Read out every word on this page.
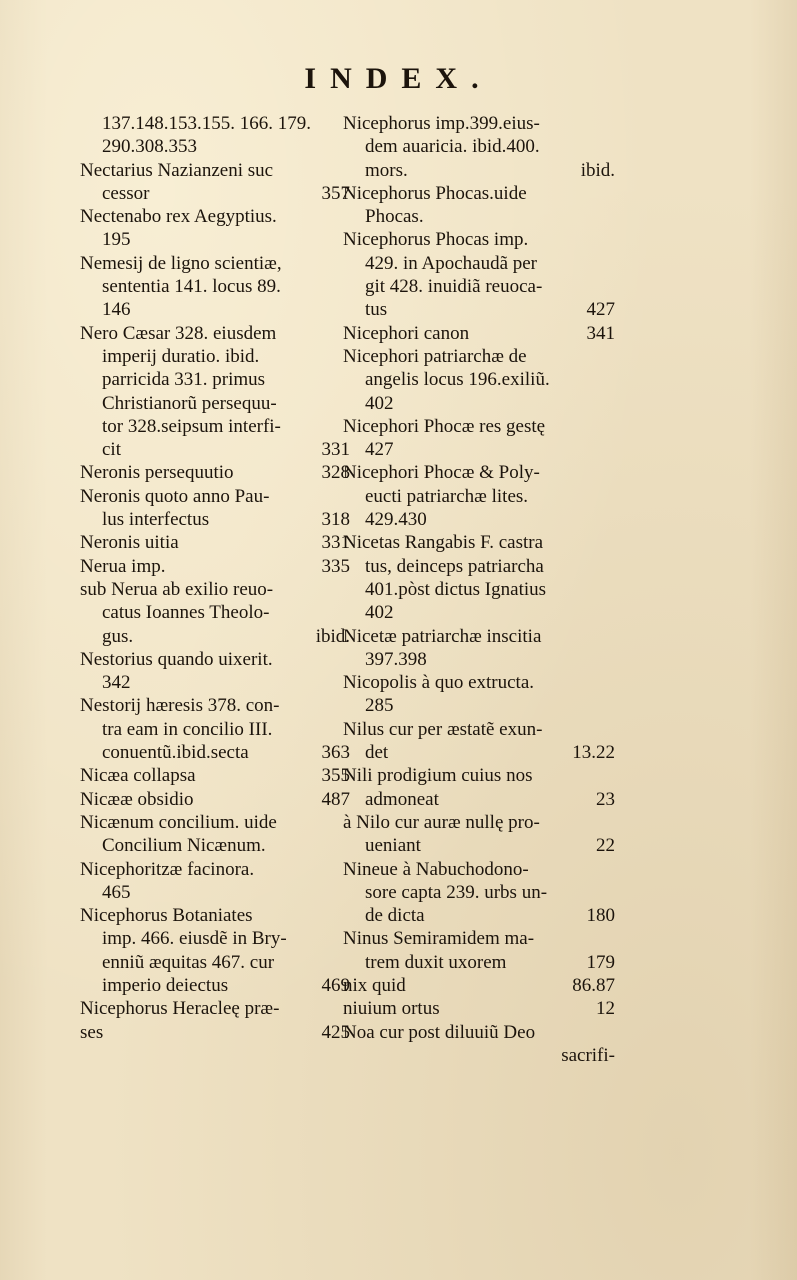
INDEX.
137.148.153.155. 166. 179.
290.308.353
Nectarius Nazianzeni suc
cessor	357
Nectenabo rex Aegyptius.
195
Nemesij de ligno scientiæ,
sententia 141. locus 89.
146
Nero Cæsar 328. eiusdem
imperij duratio. ibid.
parricida 331. primus
Christianorũ persequu-
tor 328.seipsum interfi-
cit	331
Neronis persequutio	328
Neronis quoto anno Pau-
lus interfectus	318
Neronis uitia	331
Nerua imp.	335
sub Nerua ab exilio reuo-
catus Ioannes Theolo-
gus.	ibid.
Nestorius quando uixerit.
342
Nestorij hæresis 378. con-
tra eam in concilio III.
conuentũ.ibid.secta	363
Nicæa collapsa	355
Nicææ obsidio	487
Nicænum concilium. uide
Concilium Nicænum.
Nicephoritzæ facinora.
465
Nicephorus Botaniates
imp. 466. eiusdẽ in Bry-
enniũ æquitas 467. cur
imperio deiectus	469
Nicephorus Heracleę præ-
ses	425
Nicephorus imp.399.eius-
dem auaricia. ibid.400.
mors.	ibid.
Nicephorus Phocas.uide
Phocas.
Nicephorus Phocas imp.
429. in Apochaudã per
git 428. inuidiã reuoca-
tus	427
Nicephori canon	341
Nicephori patriarchæ de
angelis locus 196.exiliũ.
402
Nicephori Phocæ res gestę
427
Nicephori Phocæ & Poly-
eucti patriarchæ lites.
429.430
Nicetas Rangabis F. castra
tus, deinceps patriarcha
401.pòst dictus Ignatius
402
Nicetæ patriarchæ inscitia
397.398
Nicopolis à quo extructa.
285
Nilus cur per æstatẽ exun-
det	13.22
Nili prodigium cuius nos
admoneat	23
à Nilo cur auræ nullę pro-
ueniant	22
Nineue à Nabuchodono-
sore capta 239. urbs un-
de dicta	180
Ninus Semiramidem ma-
trem duxit uxorem	179
nix quid	86.87
niuium ortus	12
Noa cur post diluuiũ Deo
sacrifi-
